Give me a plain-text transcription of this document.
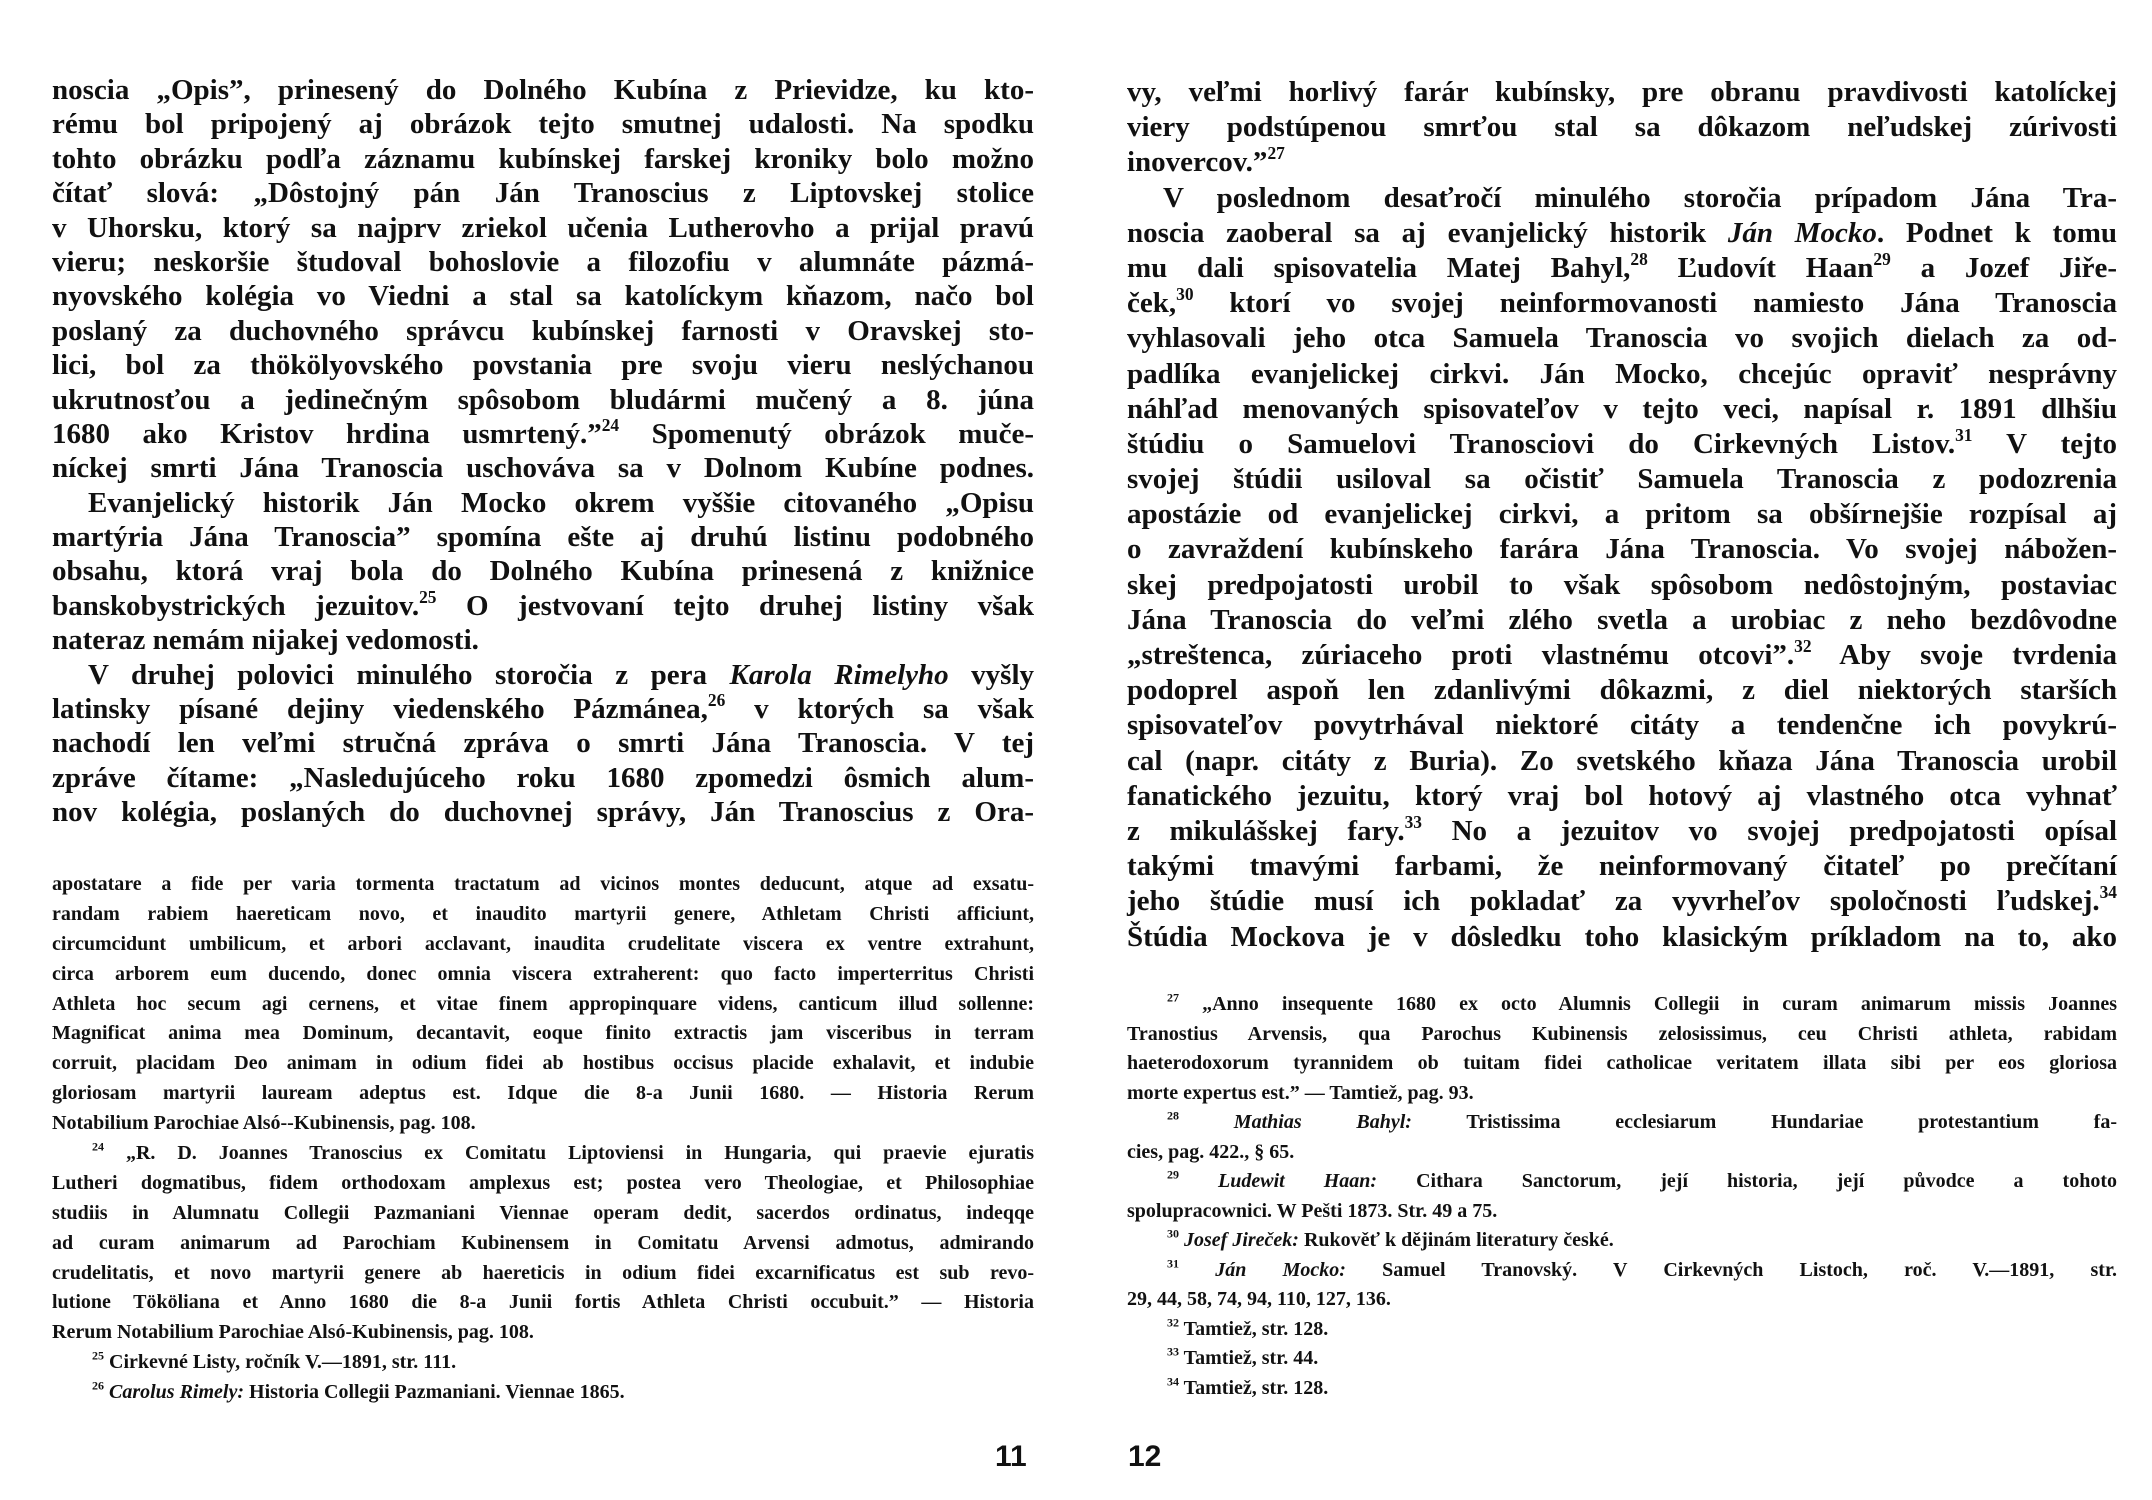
noscia „Opis”, prinesený do Dolného Kubína z Prievidze, ku kto-
rému bol pripojený aj obrázok tejto smutnej udalosti. Na spodku
tohto obrázku podľa záznamu kubínskej farskej kroniky bolo možno
čítať slová: „Dôstojný pán Ján Tranoscius z Liptovskej stolice
v Uhorsku, ktorý sa najprv zriekol učenia Lutherovho a prijal pravú
vieru; neskoršie študoval bohoslovie a filozofiu v alumnáte pázmá-
nyovského kolégia vo Viedni a stal sa katolíckym kňazom, načo bol
poslaný za duchovného správcu kubínskej farnosti v Oravskej sto-
lici, bol za thökölyovského povstania pre svoju vieru neslýchanou
ukrutnosťou a jedinečným spôsobom bludármi mučený a 8. júna
1680 ako Kristov hrdina usmrtený.”$^{24}$ Spomenutý obrázok muče-
níckej smrti Jána Tranoscia uschováva sa v Dolnom Kubíne podnes.
Evanjelický historik Ján Mocko okrem vyššie citovaného „Opisu
martýria Jána Tranoscia” spomína ešte aj druhú listinu podobného
obsahu, ktorá vraj bola do Dolného Kubína prinesená z knižnice
banskobystrických jezuitov.$^{25}$ O jestvovaní tejto druhej listiny však
nateraz nemám nijakej vedomosti.
V druhej polovici minulého storočia z pera Karola Rimelyho vyšly
latinsky písané dejiny viedenského Pázmánea,$^{26}$ v ktorých sa však
nachodí len veľmi stručná zpráva o smrti Jána Tranoscia. V tej
zpráve čítame: „Nasledujúceho roku 1680 zpomedzi ôsmich alum-
nov kolégia, poslaných do duchovnej správy, Ján Tranoscius z Ora-
apostatare a fide per varia tormenta tractatum ad vicinos montes deducunt, atque ad exsatu-
randam rabiem haereticam novo, et inaudito martyrii genere, Athletam Christi afficiunt,
circumcidunt umbilicum, et arbori acclavant, inaudita crudelitate viscera ex ventre extrahunt,
circa arborem eum ducendo, donec omnia viscera extraherent: quo facto imperterritus Christi
Athleta hoc secum agi cernens, et vitae finem appropinquare videns, canticum illud sollenne:
Magnificat anima mea Dominum, decantavit, eoque finito extractis jam visceribus in terram
corruit, placidam Deo animam in odium fidei ab hostibus occisus placide exhalavit, et indubie
gloriosam martyrii lauream adeptus est. Idque die 8-a Junii 1680. — Historia Rerum
Notabilium Parochiae Alsó--Kubinensis, pag. 108.
$^{24}$ „R. D. Joannes Tranoscius ex Comitatu Liptoviensi in Hungaria, qui praevie ejuratis
Lutheri dogmatibus, fidem orthodoxam amplexus est; postea vero Theologiae, et Philosophiae
studiis in Alumnatu Collegii Pazmaniani Viennae operam dedit, sacerdos ordinatus, indeqqe
ad curam animarum ad Parochiam Kubinensem in Comitatu Arvensi admotus, admirando
crudelitatis, et novo martyrii genere ab haereticis in odium fidei excarnificatus est sub revo-
lutione Tököliana et Anno 1680 die 8-a Junii fortis Athleta Christi occubuit.” — Historia
Rerum Notabilium Parochiae Alsó-Kubinensis, pag. 108.
$^{25}$ Cirkevné Listy, ročník V.—1891, str. 111.
$^{26}$ Carolus Rimely: Historia Collegii Pazmaniani. Viennae 1865.
11
vy, veľmi horlivý farár kubínsky, pre obranu pravdivosti katolíckej
viery podstúpenou smrťou stal sa dôkazom neľudskej zúrivosti
inovercov.”$^{27}$
V poslednom desaťročí minulého storočia prípadom Jána Tra-
noscia zaoberal sa aj evanjelický historik Ján Mocko. Podnet k tomu
mu dali spisovatelia Matej Bahyl,$^{28}$ Ľudovít Haan$^{29}$ a Jozef Jiře-
ček,$^{30}$ ktorí vo svojej neinformovanosti namiesto Jána Tranoscia
vyhlasovali jeho otca Samuela Tranoscia vo svojich dielach za od-
padlíka evanjelickej cirkvi. Ján Mocko, chcejúc opraviť nesprávny
náhľad menovaných spisovateľov v tejto veci, napísal r. 1891 dlhšiu
štúdiu o Samuelovi Tranosciovi do Cirkevných Listov.$^{31}$ V tejto
svojej štúdii usiloval sa očistiť Samuela Tranoscia z podozrenia
apostázie od evanjelickej cirkvi, a pritom sa obšírnejšie rozpísal aj
o zavraždení kubínskeho farára Jána Tranoscia. Vo svojej nábožen-
skej predpojatosti urobil to však spôsobom nedôstojným, postaviac
Jána Tranoscia do veľmi zlého svetla a urobiac z neho bezdôvodne
„streštenca, zúriaceho proti vlastnému otcovi”.$^{32}$ Aby svoje tvrdenia
podoprel aspoň len zdanlivými dôkazmi, z diel niektorých starších
spisovateľov povytrhával niektoré citáty a tendenčne ich povykrú-
cal (napr. citáty z Buria). Zo svetského kňaza Jána Tranoscia urobil
fanatického jezuitu, ktorý vraj bol hotový aj vlastného otca vyhnať
z mikulášskej fary.$^{33}$ No a jezuitov vo svojej predpojatosti opísal
takými tmavými farbami, že neinformovaný čitateľ po prečítaní
jeho štúdie musí ich pokladať za vyvrheľov spoločnosti ľudskej.$^{34}$
Štúdia Mockova je v dôsledku toho klasickým príkladom na to, ako
$^{27}$ „Anno insequente 1680 ex octo Alumnis Collegii in curam animarum missis Joannes
Tranostius Arvensis, qua Parochus Kubinensis zelosissimus, ceu Christi athleta, rabidam
haeterodoxorum tyrannidem ob tuitam fidei catholicae veritatem illata sibi per eos gloriosa
morte expertus est.” — Tamtiež, pag. 93.
$^{28}$ Mathias Bahyl: Tristissima ecclesiarum Hundariae protestantium fa-
cies, pag. 422., § 65.
$^{29}$ Ludewit Haan: Cithara Sanctorum, její historia, její původce a tohoto
spolupracownici. W Pešti 1873. Str. 49 a 75.
$^{30}$ Josef Jireček: Rukověť k dějinám literatury české.
$^{31}$ Ján Mocko: Samuel Tranovský. V Cirkevných Listoch, roč. V.—1891, str.
29, 44, 58, 74, 94, 110, 127, 136.
$^{32}$ Tamtiež, str. 128.
$^{33}$ Tamtiež, str. 44.
$^{34}$ Tamtiež, str. 128.
12
